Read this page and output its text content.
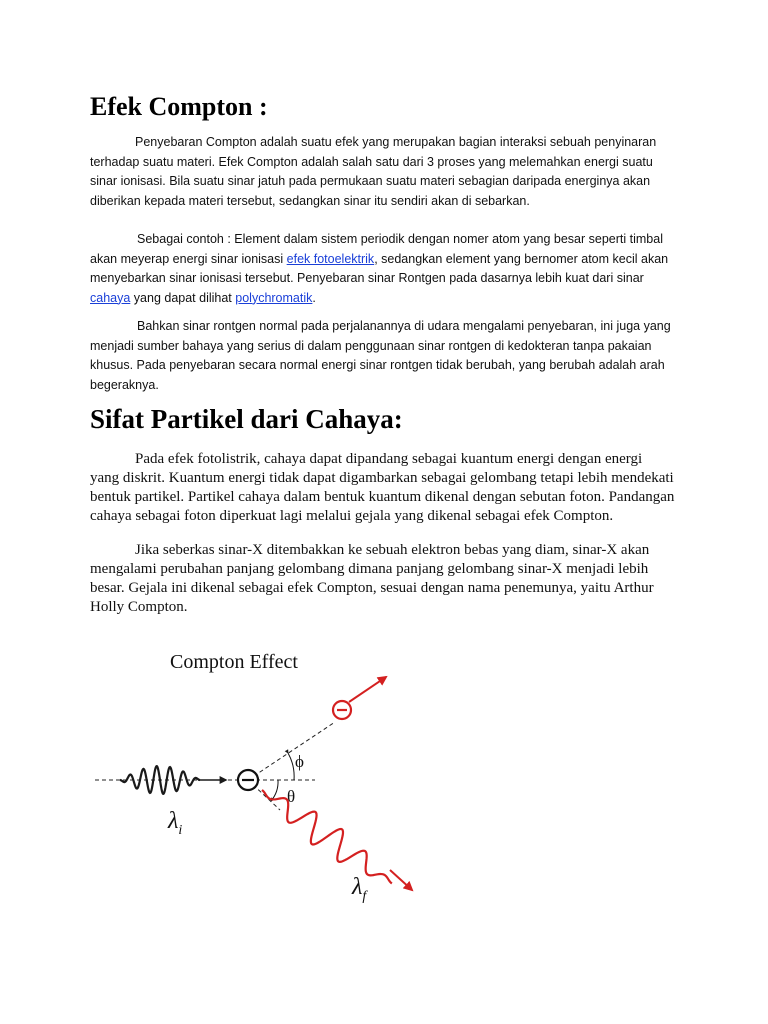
Efek Compton :

Penyebaran Compton adalah suatu efek yang merupakan bagian interaksi sebuah penyinaran
terhadap suatu materi. Efek Compton adalah salah satu dari 3 proses yang melemahkan energi suatu
sinar ionisasi. Bila suatu sinar jatuh pada permukaan suatu materi sebagian daripada energinya akan
diberikan kepada materi tersebut, sedangkan sinar itu sendiri akan di sebarkan.

Sebagai contoh : Element dalam sistem periodik dengan nomer atom yang besar seperti timbal
akan meyerap energi sinar ionisasi efek fotoelektrik, sedangkan element yang bernomer atom kecil akan
menyebarkan sinar ionisasi tersebut. Penyebaran sinar Rontgen pada dasarnya lebih kuat dari sinar
cahaya yang dapat dilihat polychromatik.

Bahkan sinar rontgen normal pada perjalanannya di udara mengalami penyebaran, ini juga yang
menjadi sumber bahaya yang serius di dalam penggunaan sinar rontgen di kedokteran tanpa pakaian
khusus. Pada penyebaran secara normal energi sinar rontgen tidak berubah, yang berubah adalah arah
begeraknya.

Sifat Partikel dari Cahaya:

Pada efek fotolistrik, cahaya dapat dipandang sebagai kuantum energi dengan energi
yang diskrit. Kuantum energi tidak dapat digambarkan sebagai gelombang tetapi lebih mendekati
bentuk partikel. Partikel cahaya dalam bentuk kuantum dikenal dengan sebutan foton. Pandangan
cahaya sebagai foton diperkuat lagi melalui gejala yang dikenal sebagai efek Compton.

Jika seberkas sinar-X ditembakkan ke sebuah elektron bebas yang diam, sinar-X akan
mengalami perubahan panjang gelombang dimana panjang gelombang sinar-X menjadi lebih
besar. Gejala ini dikenal sebagai efek Compton, sesuai dengan nama penemunya, yaitu Arthur
Holly Compton.

Compton Effect
ϕ
θ
$\lambda_i$
$\lambda_f$
